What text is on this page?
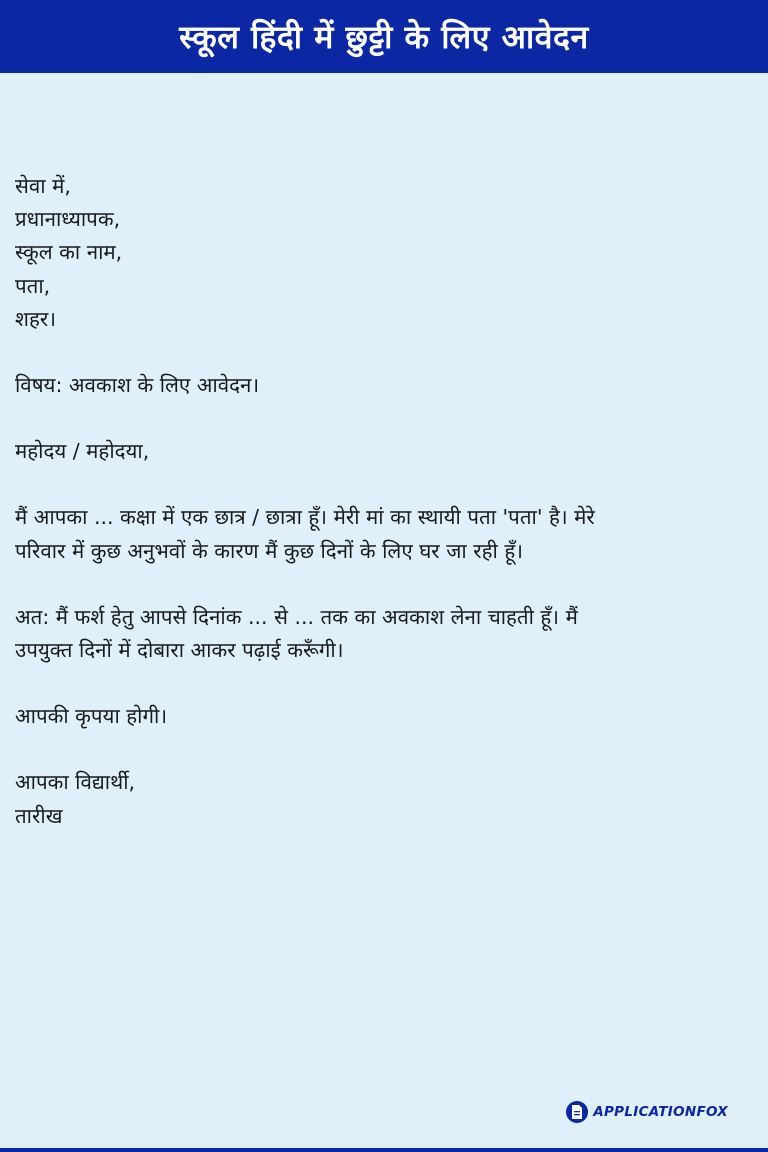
स्कूल हिंदी में छुट्टी के लिए आवेदन
सेवा में,
प्रधानाध्यापक,
स्कूल का नाम,
पता,
शहर।
विषय: अवकाश के लिए आवेदन।
महोदय / महोदया,
मैं आपका ... कक्षा में एक छात्र / छात्रा हूँ। मेरी मां का स्थायी पता 'पता' है। मेरे
परिवार में कुछ अनुभवों के कारण मैं कुछ दिनों के लिए घर जा रही हूँ।
अत: मैं फर्श हेतु आपसे दिनांक ... से ... तक का अवकाश लेना चाहती हूँ। मैं
उपयुक्त दिनों में दोबारा आकर पढ़ाई करूँगी।
आपकी कृपया होगी।
आपका विद्यार्थी,
तारीख
APPLICATIONFOX
